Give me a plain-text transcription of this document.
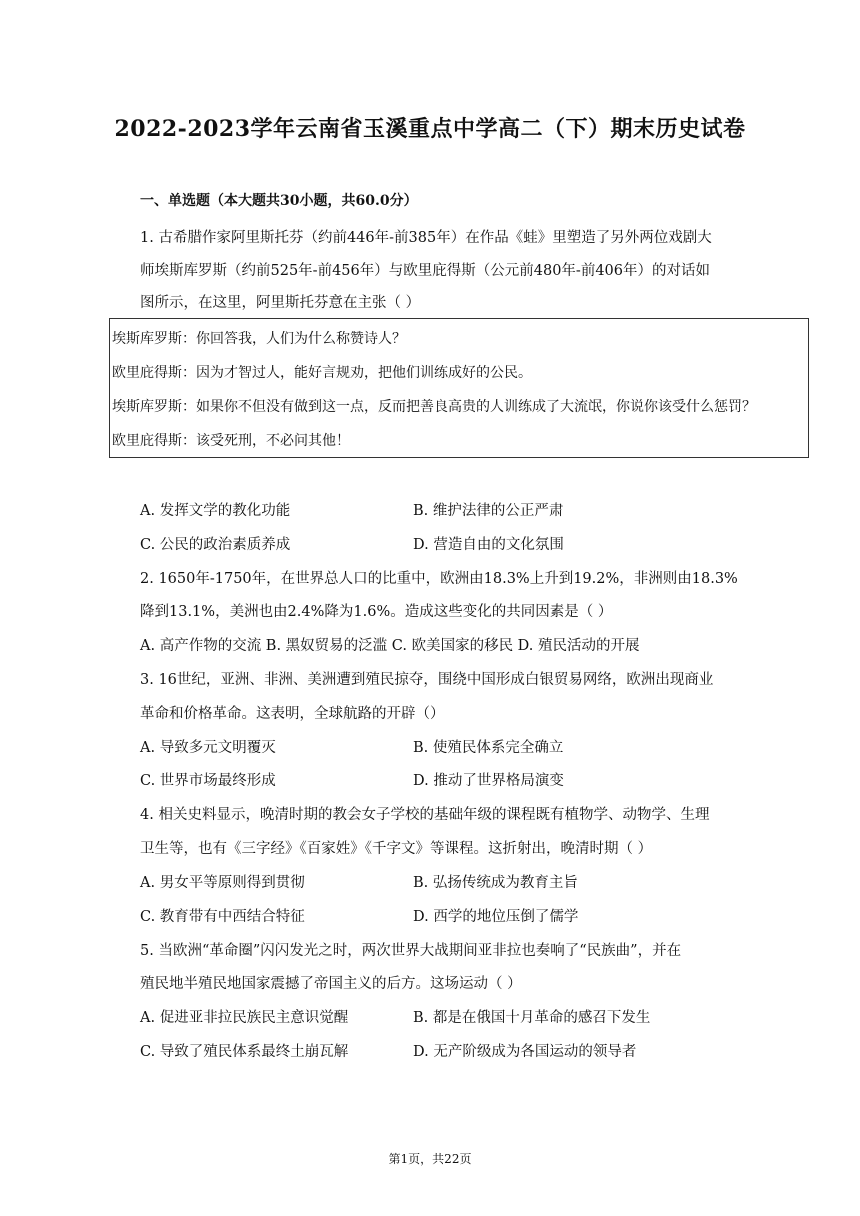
2022-2023学年云南省玉溪重点中学高二（下）期末历史试卷
一、单选题（本大题共30小题，共60.0分）
1. 古希腊作家阿里斯托芬（约前446年-前385年）在作品《蛙》里塑造了另外两位戏剧大
师埃斯库罗斯（约前525年-前456年）与欧里庇得斯（公元前480年-前406年）的对话如
图所示，在这里，阿里斯托芬意在主张（ ）
埃斯库罗斯：你回答我，人们为什么称赞诗人？
欧里庇得斯：因为才智过人，能好言规劝，把他们训练成好的公民。
埃斯库罗斯：如果你不但没有做到这一点，反而把善良高贵的人训练成了大流氓，你说你该受什么惩罚？
欧里庇得斯：该受死刑，不必问其他！
A. 发挥文学的教化功能	B. 维护法律的公正严肃
C. 公民的政治素质养成	D. 营造自由的文化氛围
2. 1650年-1750年，在世界总人口的比重中，欧洲由18.3%上升到19.2%，非洲则由18.3%
降到13.1%，美洲也由2.4%降为1.6%。造成这些变化的共同因素是（ ）
A. 高产作物的交流 B. 黑奴贸易的泛滥 C. 欧美国家的移民 D. 殖民活动的开展
3. 16世纪，亚洲、非洲、美洲遭到殖民掠夺，围绕中国形成白银贸易网络，欧洲出现商业
革命和价格革命。这表明，全球航路的开辟（）
A. 导致多元文明覆灭	B. 使殖民体系完全确立
C. 世界市场最终形成	D. 推动了世界格局演变
4. 相关史料显示，晚清时期的教会女子学校的基础年级的课程既有植物学、动物学、生理
卫生等，也有《三字经》《百家姓》《千字文》等课程。这折射出，晚清时期（ ）
A. 男女平等原则得到贯彻	B. 弘扬传统成为教育主旨
C. 教育带有中西结合特征	D. 西学的地位压倒了儒学
5. 当欧洲“革命圈”闪闪发光之时，两次世界大战期间亚非拉也奏响了“民族曲”，并在
殖民地半殖民地国家震撼了帝国主义的后方。这场运动（ ）
A. 促进亚非拉民族民主意识觉醒	B. 都是在俄国十月革命的感召下发生
C. 导致了殖民体系最终土崩瓦解	D. 无产阶级成为各国运动的领导者
第1页，共22页
